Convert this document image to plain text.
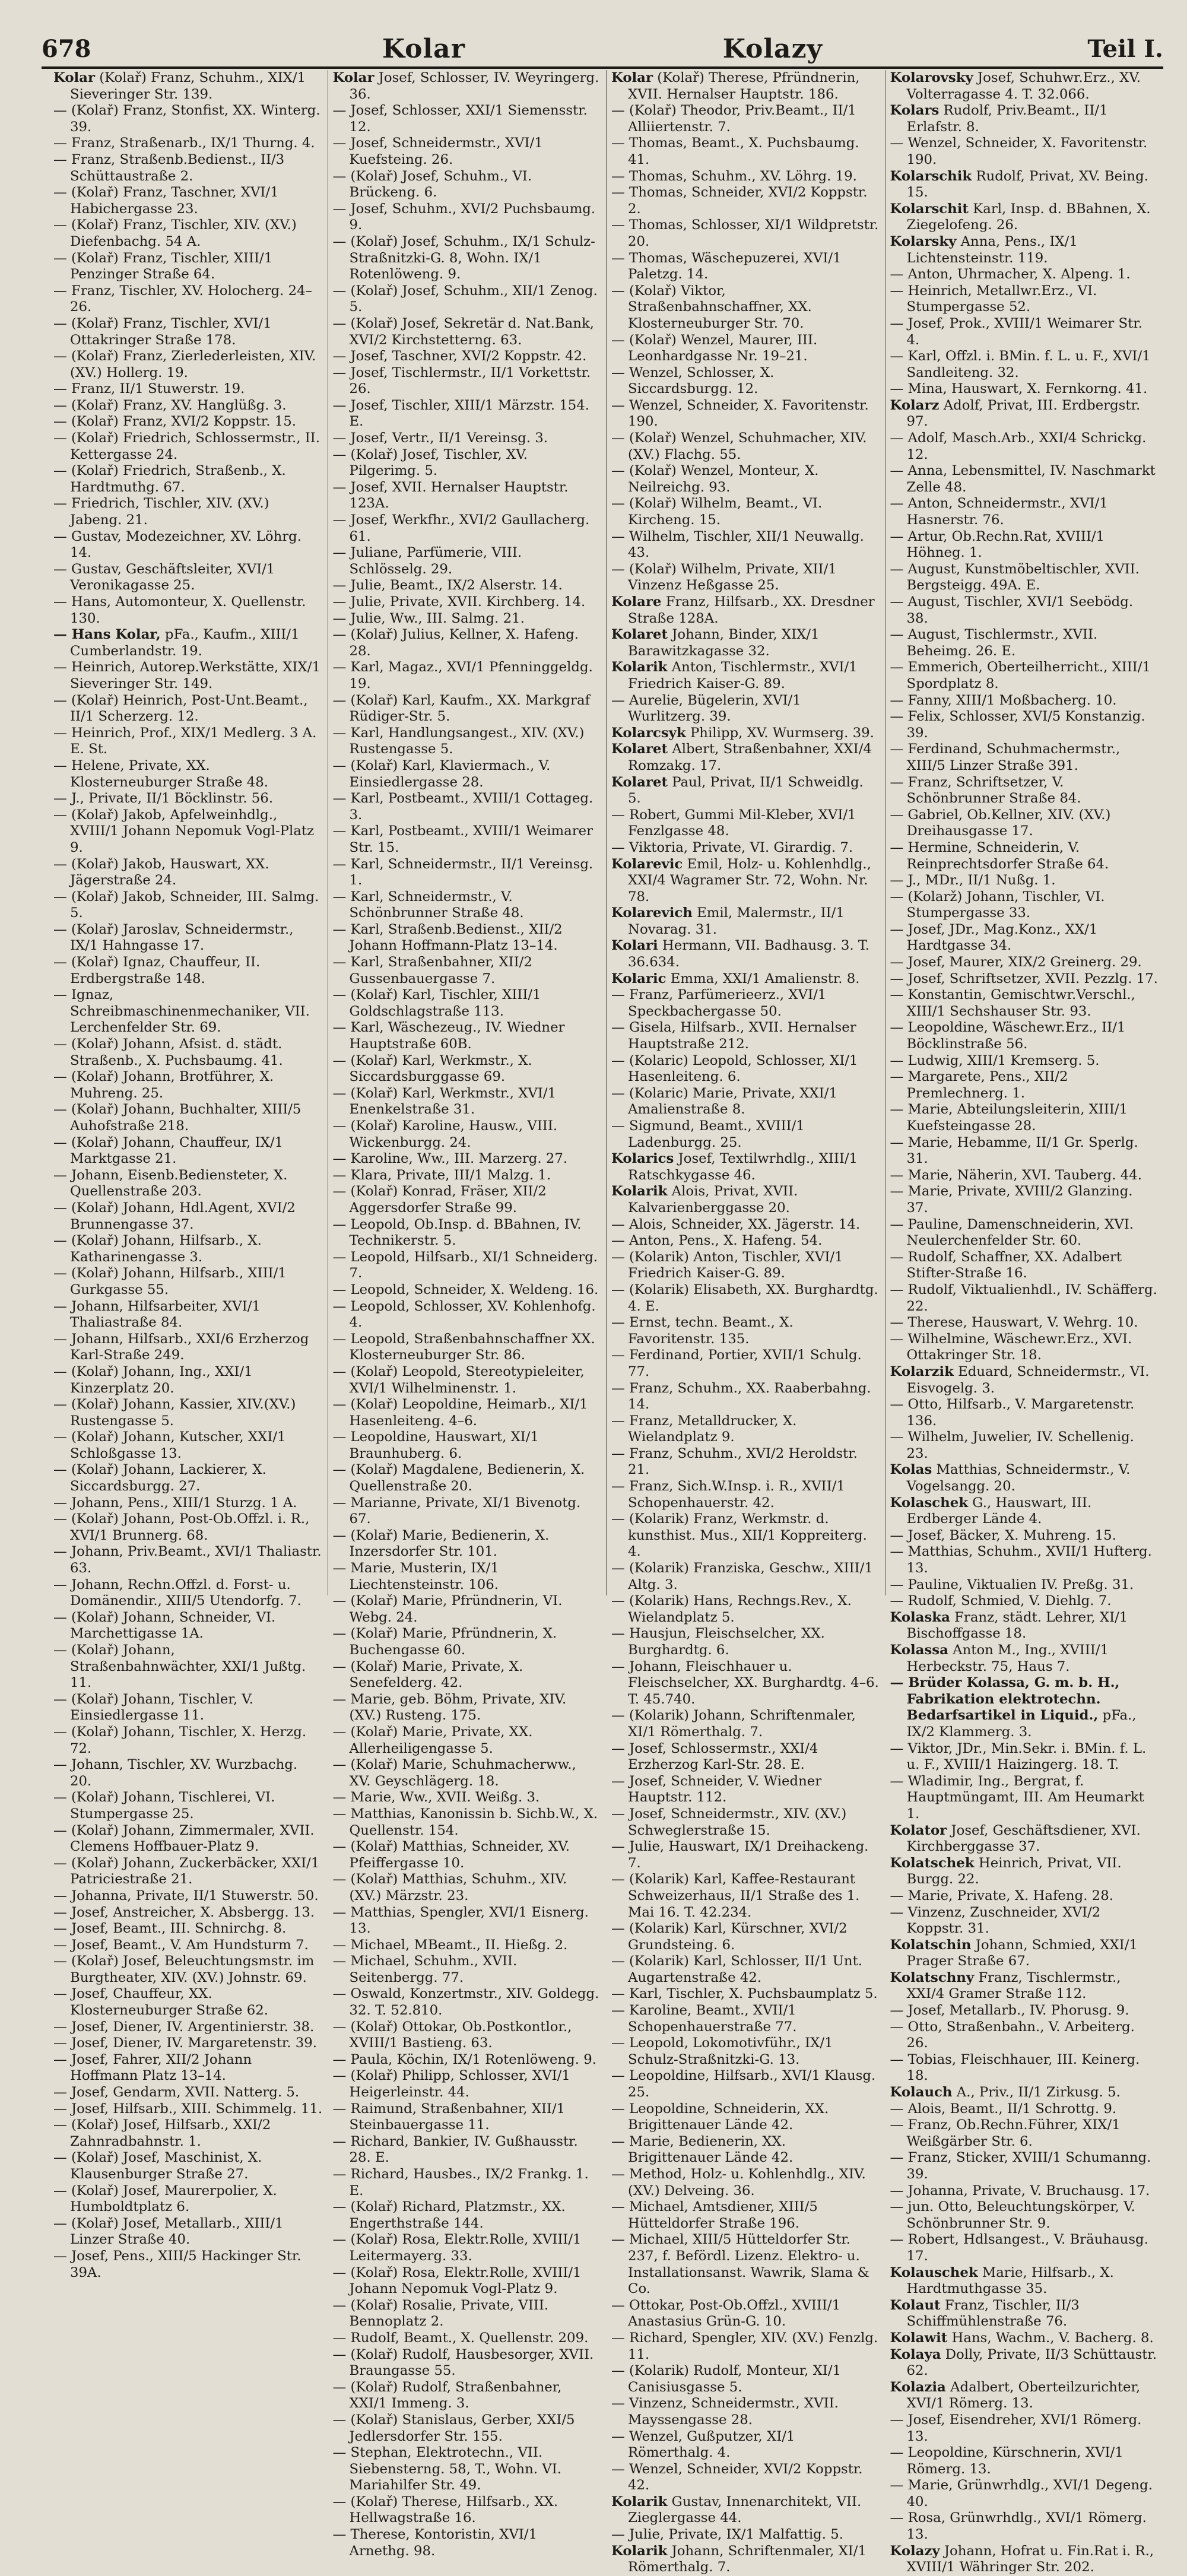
678	Kolar	Kolazy	Teil I.
Kolar (Kolař) Franz, Schuhm., XIX/1 Sieveringer Str. 139.
— (Kolař) Franz, Stonfist, XX. Winterg. 39.
— Franz, Straßenarb., IX/1 Thurng. 4.
— Franz, Straßenb.Bedienst., II/3 Schüttaustraße 2.
— (Kolař) Franz, Taschner, XVI/1 Habichergasse 23.
— (Kolař) Franz, Tischler, XIV. (XV.) Diefenbachg. 54 A.
— (Kolař) Franz, Tischler, XIII/1 Penzinger Straße 64.
— Franz, Tischler, XV. Holocherg. 24–26.
— (Kolař) Franz, Tischler, XVI/1 Ottakringer Straße 178.
— (Kolař) Franz, Zierlederleisten, XIV. (XV.) Hollerg. 19.
— Franz, II/1 Stuwerstr. 19.
— (Kolař) Franz, XV. Hanglüßg. 3.
— (Kolař) Franz, XVI/2 Koppstr. 15.
— (Kolař) Friedrich, Schlossermstr., II. Kettergasse 24.
— (Kolař) Friedrich, Straßenb., X. Hardtmuthg. 67.
— Friedrich, Tischler, XIV. (XV.) Jabeng. 21.
— Gustav, Modezeichner, XV. Löhrg. 14.
— Gustav, Geschäftsleiter, XVI/1 Veronikagasse 25.
— Hans, Automonteur, X. Quellenstr. 130.
— Hans Kolar, pFa., Kaufm., XIII/1 Cumberlandstr. 19.
— Heinrich, Autorep.Werkstätte, XIX/1 Sieveringer Str. 149.
— (Kolař) Heinrich, Post-Unt.Beamt., II/1 Scherzerg. 12.
— Heinrich, Prof., XIX/1 Medlerg. 3 A. E. St.
— Helene, Private, XX. Klosterneuburger Straße 48.
— J., Private, II/1 Böcklinstr. 56.
— (Kolař) Jakob, Apfelweinhdlg., XVIII/1 Johann Nepomuk Vogl-Platz 9.
— (Kolař) Jakob, Hauswart, XX. Jägerstraße 24.
— (Kolař) Jakob, Schneider, III. Salmg. 5.
— (Kolař) Jaroslav, Schneidermstr., IX/1 Hahngasse 17.
— (Kolař) Ignaz, Chauffeur, II. Erdbergstraße 148.
— Ignaz, Schreibmaschinenmechaniker, VII. Lerchenfelder Str. 69.
— (Kolař) Johann, Afsist. d. städt. Straßenb., X. Puchsbaumg. 41.
— (Kolař) Johann, Brotführer, X. Muhreng. 25.
— (Kolař) Johann, Buchhalter, XIII/5 Auhofstraße 218.
— (Kolař) Johann, Chauffeur, IX/1 Marktgasse 21.
— Johann, Eisenb.Bediensteter, X. Quellenstraße 203.
— (Kolař) Johann, Hdl.Agent, XVI/2 Brunnengasse 37.
— (Kolař) Johann, Hilfsarb., X. Katharinengasse 3.
— (Kolař) Johann, Hilfsarb., XIII/1 Gurkgasse 55.
— Johann, Hilfsarbeiter, XVI/1 Thaliastraße 84.
— Johann, Hilfsarb., XXI/6 Erzherzog Karl-Straße 249.
— (Kolař) Johann, Ing., XXI/1 Kinzerplatz 20.
— (Kolař) Johann, Kassier, XIV.(XV.) Rustengasse 5.
— (Kolař) Johann, Kutscher, XXI/1 Schloßgasse 13.
— (Kolař) Johann, Lackierer, X. Siccardsburgg. 27.
— Johann, Pens., XIII/1 Sturzg. 1 A.
— (Kolař) Johann, Post-Ob.Offzl. i. R., XVI/1 Brunnerg. 68.
— Johann, Priv.Beamt., XVI/1 Thaliastr. 63.
— Johann, Rechn.Offzl. d. Forst- u. Domänendir., XIII/5 Utendorfg. 7.
— (Kolař) Johann, Schneider, VI. Marchettigasse 1A.
— (Kolař) Johann, Straßenbahnwächter, XXI/1 Jußtg. 11.
— (Kolař) Johann, Tischler, V. Einsiedlergasse 11.
— (Kolař) Johann, Tischler, X. Herzg. 72.
— Johann, Tischler, XV. Wurzbachg. 20.
— (Kolař) Johann, Tischlerei, VI. Stumpergasse 25.
— (Kolař) Johann, Zimmermaler, XVII. Clemens Hoffbauer-Platz 9.
— (Kolař) Johann, Zuckerbäcker, XXI/1 Patriciestraße 21.
— Johanna, Private, II/1 Stuwerstr. 50.
— Josef, Anstreicher, X. Absbergg. 13.
— Josef, Beamt., III. Schnirchg. 8.
— Josef, Beamt., V. Am Hundsturm 7.
— (Kolař) Josef, Beleuchtungsmstr. im Burgtheater, XIV. (XV.) Johnstr. 69.
— Josef, Chauffeur, XX. Klosterneuburger Straße 62.
— Josef, Diener, IV. Argentinierstr. 38.
— Josef, Diener, IV. Margaretenstr. 39.
— Josef, Fahrer, XII/2 Johann Hoffmann Platz 13–14.
— Josef, Gendarm, XVII. Natterg. 5.
— Josef, Hilfsarb., XIII. Schimmelg. 11.
— (Kolař) Josef, Hilfsarb., XXI/2 Zahnradbahnstr. 1.
— (Kolař) Josef, Maschinist, X. Klausenburger Straße 27.
— (Kolař) Josef, Maurerpolier, X. Humboldtplatz 6.
— (Kolař) Josef, Metallarb., XIII/1 Linzer Straße 40.
— Josef, Pens., XIII/5 Hackinger Str. 39A.
Kolar Josef, Schlosser, IV. Weyringerg. 36.
— Josef, Schlosser, XXI/1 Siemensstr. 12.
— Josef, Schneidermstr., XVI/1 Kuefsteing. 26.
— (Kolař) Josef, Schuhm., VI. Brückeng. 6.
— Josef, Schuhm., XVI/2 Puchsbaumg. 9.
— (Kolař) Josef, Schuhm., IX/1 Schulz-Straßnitzki-G. 8, Wohn. IX/1 Rotenlöweng. 9.
— (Kolař) Josef, Schuhm., XII/1 Zenog. 5.
— (Kolař) Josef, Sekretär d. Nat.Bank, XVI/2 Kirchstetterng. 63.
— Josef, Taschner, XVI/2 Koppstr. 42.
— Josef, Tischlermstr., II/1 Vorkettstr. 26.
— Josef, Tischler, XIII/1 Märzstr. 154. E.
— Josef, Vertr., II/1 Vereinsg. 3.
— (Kolař) Josef, Tischler, XV. Pilgerimg. 5.
— Josef, XVII. Hernalser Hauptstr. 123A.
— Josef, Werkfhr., XVI/2 Gaullacherg. 61.
— Juliane, Parfümerie, VIII. Schlösselg. 29.
— Julie, Beamt., IX/2 Alserstr. 14.
— Julie, Private, XVII. Kirchberg. 14.
— Julie, Ww., III. Salmg. 21.
— (Kolař) Julius, Kellner, X. Hafeng. 28.
— Karl, Magaz., XVI/1 Pfenninggeldg. 19.
— (Kolař) Karl, Kaufm., XX. Markgraf Rüdiger-Str. 5.
— Karl, Handlungsangest., XIV. (XV.) Rustengasse 5.
— (Kolař) Karl, Klaviermach., V. Einsiedlergasse 28.
— Karl, Postbeamt., XVIII/1 Cottageg. 3.
— Karl, Postbeamt., XVIII/1 Weimarer Str. 15.
— Karl, Schneidermstr., II/1 Vereinsg. 1.
— Karl, Schneidermstr., V. Schönbrunner Straße 48.
— Karl, Straßenb.Bedienst., XII/2 Johann Hoffmann-Platz 13–14.
— Karl, Straßenbahner, XII/2 Gussenbauergasse 7.
— (Kolař) Karl, Tischler, XIII/1 Goldschlagstraße 113.
— Karl, Wäschezeug., IV. Wiedner Hauptstraße 60B.
— (Kolař) Karl, Werkmstr., X. Siccardsburggasse 69.
— (Kolař) Karl, Werkmstr., XVI/1 Enenkelstraße 31.
— (Kolař) Karoline, Hausw., VIII. Wickenburgg. 24.
— Karoline, Ww., III. Marzerg. 27.
— Klara, Private, III/1 Malzg. 1.
— (Kolař) Konrad, Fräser, XII/2 Aggersdorfer Straße 99.
— Leopold, Ob.Insp. d. BBahnen, IV. Technikerstr. 5.
— Leopold, Hilfsarb., XI/1 Schneiderg. 7.
— Leopold, Schneider, X. Weldeng. 16.
— Leopold, Schlosser, XV. Kohlenhofg. 4.
— Leopold, Straßenbahnschaffner XX. Klosterneuburger Str. 86.
— (Kolař) Leopold, Stereotypieleiter, XVI/1 Wilhelminenstr. 1.
— (Kolař) Leopoldine, Heimarb., XI/1 Hasenleiteng. 4–6.
— Leopoldine, Hauswart, XI/1 Braunhuberg. 6.
— (Kolař) Magdalene, Bedienerin, X. Quellenstraße 20.
— Marianne, Private, XI/1 Bivenotg. 67.
— (Kolař) Marie, Bedienerin, X. Inzersdorfer Str. 101.
— Marie, Musterin, IX/1 Liechtensteinstr. 106.
— (Kolař) Marie, Pfründnerin, VI. Webg. 24.
— (Kolař) Marie, Pfründnerin, X. Buchengasse 60.
— (Kolař) Marie, Private, X. Senefelderg. 42.
— Marie, geb. Böhm, Private, XIV. (XV.) Rusteng. 175.
— (Kolař) Marie, Private, XX. Allerheiligengasse 5.
— (Kolař) Marie, Schuhmacherww., XV. Geyschlägerg. 18.
— Marie, Ww., XVII. Weißg. 3.
— Matthias, Kanonissin b. Sichb.W., X. Quellenstr. 154.
— (Kolař) Matthias, Schneider, XV. Pfeiffergasse 10.
— (Kolař) Matthias, Schuhm., XIV. (XV.) Märzstr. 23.
— Matthias, Spengler, XVI/1 Eisnerg. 13.
— Michael, MBeamt., II. Hießg. 2.
— Michael, Schuhm., XVII. Seitenbergg. 77.
— Oswald, Konzertmstr., XIV. Goldegg. 32. T. 52.810.
— (Kolař) Ottokar, Ob.Postkontlor., XVIII/1 Bastieng. 63.
— Paula, Köchin, IX/1 Rotenlöweng. 9.
— (Kolař) Philipp, Schlosser, XVI/1 Heigerleinstr. 44.
— Raimund, Straßenbahner, XII/1 Steinbauergasse 11.
— Richard, Bankier, IV. Gußhausstr. 28. E.
— Richard, Hausbes., IX/2 Frankg. 1. E.
— (Kolař) Richard, Platzmstr., XX. Engerthstraße 144.
— (Kolař) Rosa, Elektr.Rolle, XVIII/1 Leitermayerg. 33.
— (Kolař) Rosa, Elektr.Rolle, XVIII/1 Johann Nepomuk Vogl-Platz 9.
— (Kolař) Rosalie, Private, VIII. Bennoplatz 2.
— Rudolf, Beamt., X. Quellenstr. 209.
— (Kolař) Rudolf, Hausbesorger, XVII. Braungasse 55.
— (Kolař) Rudolf, Straßenbahner, XXI/1 Immeng. 3.
— (Kolař) Stanislaus, Gerber, XXI/5 Jedlersdorfer Str. 155.
— Stephan, Elektrotechn., VII. Siebensterng. 58, T., Wohn. VI. Mariahilfer Str. 49.
— (Kolař) Therese, Hilfsarb., XX. Hellwagstraße 16.
— Therese, Kontoristin, XVI/1 Arnethg. 98.
Kolar (Kolař) Therese, Pfründnerin, XVII. Hernalser Hauptstr. 186.
— (Kolař) Theodor, Priv.Beamt., II/1 Alliiertenstr. 7.
— Thomas, Beamt., X. Puchsbaumg. 41.
— Thomas, Schuhm., XV. Löhrg. 19.
— Thomas, Schneider, XVI/2 Koppstr. 2.
— Thomas, Schlosser, XI/1 Wildpretstr. 20.
— Thomas, Wäschepuzerei, XVI/1 Paletzg. 14.
— (Kolař) Viktor, Straßenbahnschaffner, XX. Klosterneuburger Str. 70.
— (Kolař) Wenzel, Maurer, III. Leonhardgasse Nr. 19–21.
— Wenzel, Schlosser, X. Siccardsburgg. 12.
— Wenzel, Schneider, X. Favoritenstr. 190.
— (Kolař) Wenzel, Schuhmacher, XIV. (XV.) Flachg. 55.
— (Kolař) Wenzel, Monteur, X. Neilreichg. 93.
— (Kolař) Wilhelm, Beamt., VI. Kircheng. 15.
— Wilhelm, Tischler, XII/1 Neuwallg. 43.
— (Kolař) Wilhelm, Private, XII/1 Vinzenz Heßgasse 25.
Kolare Franz, Hilfsarb., XX. Dresdner Straße 128A.
Kolaret Johann, Binder, XIX/1 Barawitzkagasse 32.
Kolarik Anton, Tischlermstr., XVI/1 Friedrich Kaiser-G. 89.
— Aurelie, Bügelerin, XVI/1 Wurlitzerg. 39.
Kolarcsyk Philipp, XV. Wurmserg. 39.
Kolaret Albert, Straßenbahner, XXI/4 Romzakg. 17.
Kolaret Paul, Privat, II/1 Schweidlg. 5.
— Robert, Gummi Mil-Kleber, XVI/1 Fenzlgasse 48.
— Viktoria, Private, VI. Girardig. 7.
Kolarevic Emil, Holz- u. Kohlenhdlg., XXI/4 Wagramer Str. 72, Wohn. Nr. 78.
Kolarevich Emil, Malermstr., II/1 Novarag. 31.
Kolari Hermann, VII. Badhausg. 3. T. 36.634.
Kolaric Emma, XXI/1 Amalienstr. 8.
— Franz, Parfümerieerz., XVI/1 Speckbachergasse 50.
— Gisela, Hilfsarb., XVII. Hernalser Hauptstraße 212.
— (Kolaric) Leopold, Schlosser, XI/1 Hasenleiteng. 6.
— (Kolaric) Marie, Private, XXI/1 Amalienstraße 8.
— Sigmund, Beamt., XVIII/1 Ladenburgg. 25.
Kolarics Josef, Textilwrhdlg., XIII/1 Ratschkygasse 46.
Kolarik Alois, Privat, XVII. Kalvarienberggasse 20.
— Alois, Schneider, XX. Jägerstr. 14.
— Anton, Pens., X. Hafeng. 54.
— (Kolarik) Anton, Tischler, XVI/1 Friedrich Kaiser-G. 89.
— (Kolarik) Elisabeth, XX. Burghardtg. 4. E.
— Ernst, techn. Beamt., X. Favoritenstr. 135.
— Ferdinand, Portier, XVII/1 Schulg. 77.
— Franz, Schuhm., XX. Raaberbahng. 14.
— Franz, Metalldrucker, X. Wielandplatz 9.
— Franz, Schuhm., XVI/2 Heroldstr. 21.
— Franz, Sich.W.Insp. i. R., XVII/1 Schopenhauerstr. 42.
— (Kolarik) Franz, Werkmstr. d. kunsthist. Mus., XII/1 Koppreiterg. 4.
— (Kolarik) Franziska, Geschw., XIII/1 Altg. 3.
— (Kolarik) Hans, Rechngs.Rev., X. Wielandplatz 5.
— Hausjun, Fleischselcher, XX. Burghardtg. 6.
— Johann, Fleischhauer u. Fleischselcher, XX. Burghardtg. 4–6. T. 45.740.
— (Kolarik) Johann, Schriftenmaler, XI/1 Römerthalg. 7.
— Josef, Schlossermstr., XXI/4 Erzherzog Karl-Str. 28. E.
— Josef, Schneider, V. Wiedner Hauptstr. 112.
— Josef, Schneidermstr., XIV. (XV.) Schweglerstraße 15.
— Julie, Hauswart, IX/1 Dreihackeng. 7.
— (Kolarik) Karl, Kaffee-Restaurant Schweizerhaus, II/1 Straße des 1. Mai 16. T. 42.234.
— (Kolarik) Karl, Kürschner, XVI/2 Grundsteing. 6.
— (Kolarik) Karl, Schlosser, II/1 Unt. Augartenstraße 42.
— Karl, Tischler, X. Puchsbaumplatz 5.
— Karoline, Beamt., XVII/1 Schopenhauerstraße 77.
— Leopold, Lokomotivführ., IX/1 Schulz-Straßnitzki-G. 13.
— Leopoldine, Hilfsarb., XVI/1 Klausg. 25.
— Leopoldine, Schneiderin, XX. Brigittenauer Lände 42.
— Marie, Bedienerin, XX. Brigittenauer Lände 42.
— Method, Holz- u. Kohlenhdlg., XIV. (XV.) Delveing. 36.
— Michael, Amtsdiener, XIII/5 Hütteldorfer Straße 196.
— Michael, XIII/5 Hütteldorfer Str. 237, f. Befördl. Lizenz. Elektro- u. Installationsanst. Wawrik, Slama & Co.
— Ottokar, Post-Ob.Offzl., XVIII/1 Anastasius Grün-G. 10.
— Richard, Spengler, XIV. (XV.) Fenzlg. 11.
— (Kolarik) Rudolf, Monteur, XI/1 Canisiusgasse 5.
— Vinzenz, Schneidermstr., XVII. Mayssengasse 28.
— Wenzel, Gußputzer, XI/1 Römerthalg. 4.
— Wenzel, Schneider, XVI/2 Koppstr. 42.
Kolarik Gustav, Innenarchitekt, VII. Zieglergasse 44.
— Julie, Private, IX/1 Malfattig. 5.
Kolarik Johann, Schriftenmaler, XI/1 Römerthalg. 7.
Kolarovsky Josef, Schuhwr.Erz., XV. Volterragasse 4. T. 32.066.
Kolars Rudolf, Priv.Beamt., II/1 Erlafstr. 8.
— Wenzel, Schneider, X. Favoritenstr. 190.
Kolarschik Rudolf, Privat, XV. Being. 15.
Kolarschit Karl, Insp. d. BBahnen, X. Ziegelofeng. 26.
Kolarsky Anna, Pens., IX/1 Lichtensteinstr. 119.
— Anton, Uhrmacher, X. Alpeng. 1.
— Heinrich, Metallwr.Erz., VI. Stumpergasse 52.
— Josef, Prok., XVIII/1 Weimarer Str. 4.
— Karl, Offzl. i. BMin. f. L. u. F., XVI/1 Sandleiteng. 32.
— Mina, Hauswart, X. Fernkorng. 41.
Kolarz Adolf, Privat, III. Erdbergstr. 97.
— Adolf, Masch.Arb., XXI/4 Schrickg. 12.
— Anna, Lebensmittel, IV. Naschmarkt Zelle 48.
— Anton, Schneidermstr., XVI/1 Hasnerstr. 76.
— Artur, Ob.Rechn.Rat, XVIII/1 Höhneg. 1.
— August, Kunstmöbeltischler, XVII. Bergsteigg. 49A. E.
— August, Tischler, XVI/1 Seebödg. 38.
— August, Tischlermstr., XVII. Beheimg. 26. E.
— Emmerich, Oberteilherricht., XIII/1 Spordplatz 8.
— Fanny, XIII/1 Moßbacherg. 10.
— Felix, Schlosser, XVI/5 Konstanzig. 39.
— Ferdinand, Schuhmachermstr., XIII/5 Linzer Straße 391.
— Franz, Schriftsetzer, V. Schönbrunner Straße 84.
— Gabriel, Ob.Kellner, XIV. (XV.) Dreihausgasse 17.
— Hermine, Schneiderin, V. Reinprechtsdorfer Straße 64.
— J., MDr., II/1 Nußg. 1.
— (Kolarž) Johann, Tischler, VI. Stumpergasse 33.
— Josef, JDr., Mag.Konz., XX/1 Hardtgasse 34.
— Josef, Maurer, XIX/2 Greinerg. 29.
— Josef, Schriftsetzer, XVII. Pezzlg. 17.
— Konstantin, Gemischtwr.Verschl., XIII/1 Sechshauser Str. 93.
— Leopoldine, Wäschewr.Erz., II/1 Böcklinstraße 56.
— Ludwig, XIII/1 Kremserg. 5.
— Margarete, Pens., XII/2 Premlechnerg. 1.
— Marie, Abteilungsleiterin, XIII/1 Kuefsteingasse 28.
— Marie, Hebamme, II/1 Gr. Sperlg. 31.
— Marie, Näherin, XVI. Tauberg. 44.
— Marie, Private, XVIII/2 Glanzing. 37.
— Pauline, Damenschneiderin, XVI. Neulerchenfelder Str. 60.
— Rudolf, Schaffner, XX. Adalbert Stifter-Straße 16.
— Rudolf, Viktualienhdl., IV. Schäfferg. 22.
— Therese, Hauswart, V. Wehrg. 10.
— Wilhelmine, Wäschewr.Erz., XVI. Ottakringer Str. 18.
Kolarzik Eduard, Schneidermstr., VI. Eisvogelg. 3.
— Otto, Hilfsarb., V. Margaretenstr. 136.
— Wilhelm, Juwelier, IV. Schellenig. 23.
Kolas Matthias, Schneidermstr., V. Vogelsangg. 20.
Kolaschek G., Hauswart, III. Erdberger Lände 4.
— Josef, Bäcker, X. Muhreng. 15.
— Matthias, Schuhm., XVII/1 Hufterg. 13.
— Pauline, Viktualien IV. Preßg. 31.
— Rudolf, Schmied, V. Diehlg. 7.
Kolaska Franz, städt. Lehrer, XI/1 Bischoffgasse 18.
Kolassa Anton M., Ing., XVIII/1 Herbeckstr. 75, Haus 7.
— Brüder Kolassa, G. m. b. H., Fabrikation elektrotechn. Bedarfsartikel in Liquid., pFa., IX/2 Klammerg. 3.
— Viktor, JDr., Min.Sekr. i. BMin. f. L. u. F., XVIII/1 Haizingerg. 18. T.
— Wladimir, Ing., Bergrat, f. Hauptmüngamt, III. Am Heumarkt 1.
Kolator Josef, Geschäftsdiener, XVI. Kirchberggasse 37.
Kolatschek Heinrich, Privat, VII. Burgg. 22.
— Marie, Private, X. Hafeng. 28.
— Vinzenz, Zuschneider, XVI/2 Koppstr. 31.
Kolatschin Johann, Schmied, XXI/1 Prager Straße 67.
Kolatschny Franz, Tischlermstr., XXI/4 Gramer Straße 112.
— Josef, Metallarb., IV. Phorusg. 9.
— Otto, Straßenbahn., V. Arbeiterg. 26.
— Tobias, Fleischhauer, III. Keinerg. 18.
Kolauch A., Priv., II/1 Zirkusg. 5.
— Alois, Beamt., II/1 Schrottg. 9.
— Franz, Ob.Rechn.Führer, XIX/1 Weißgärber Str. 6.
— Franz, Sticker, XVIII/1 Schumanng. 39.
— Johanna, Private, V. Bruchausg. 17.
— jun. Otto, Beleuchtungskörper, V. Schönbrunner Str. 9.
— Robert, Hdlsangest., V. Bräuhausg. 17.
Kolauschek Marie, Hilfsarb., X. Hardtmuthgasse 35.
Kolaut Franz, Tischler, II/3 Schiffmühlenstraße 76.
Kolawit Hans, Wachm., V. Bacherg. 8.
Kolaya Dolly, Private, II/3 Schüttaustr. 62.
Kolazia Adalbert, Oberteilzurichter, XVI/1 Römerg. 13.
— Josef, Eisendreher, XVI/1 Römerg. 13.
— Leopoldine, Kürschnerin, XVI/1 Römerg. 13.
— Marie, Grünwrhdlg., XVI/1 Degeng. 40.
— Rosa, Grünwrhdlg., XVI/1 Römerg. 13.
Kolazy Johann, Hofrat u. Fin.Rat i. R., XVIII/1 Währinger Str. 202.
